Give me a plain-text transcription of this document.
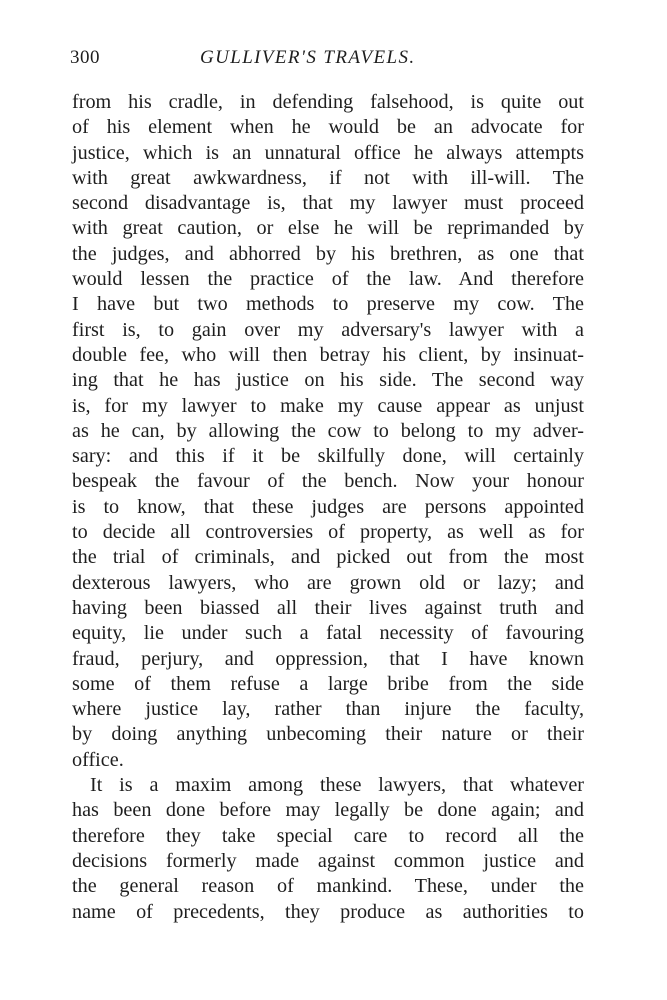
300	GULLIVER'S TRAVELS.
from his cradle, in defending falsehood, is quite out
of his element when he would be an advocate for
justice, which is an unnatural office he always attempts
with great awkwardness, if not with ill-will. The
second disadvantage is, that my lawyer must proceed
with great caution, or else he will be reprimanded by
the judges, and abhorred by his brethren, as one that
would lessen the practice of the law. And therefore
I have but two methods to preserve my cow. The
first is, to gain over my adversary's lawyer with a
double fee, who will then betray his client, by insinuat-
ing that he has justice on his side. The second way
is, for my lawyer to make my cause appear as unjust
as he can, by allowing the cow to belong to my adver-
sary: and this if it be skilfully done, will certainly
bespeak the favour of the bench. Now your honour
is to know, that these judges are persons appointed
to decide all controversies of property, as well as for
the trial of criminals, and picked out from the most
dexterous lawyers, who are grown old or lazy; and
having been biassed all their lives against truth and
equity, lie under such a fatal necessity of favouring
fraud, perjury, and oppression, that I have known
some of them refuse a large bribe from the side
where justice lay, rather than injure the faculty,
by doing anything unbecoming their nature or their
office.
It is a maxim among these lawyers, that whatever
has been done before may legally be done again; and
therefore they take special care to record all the
decisions formerly made against common justice and
the general reason of mankind. These, under the
name of precedents, they produce as authorities to
